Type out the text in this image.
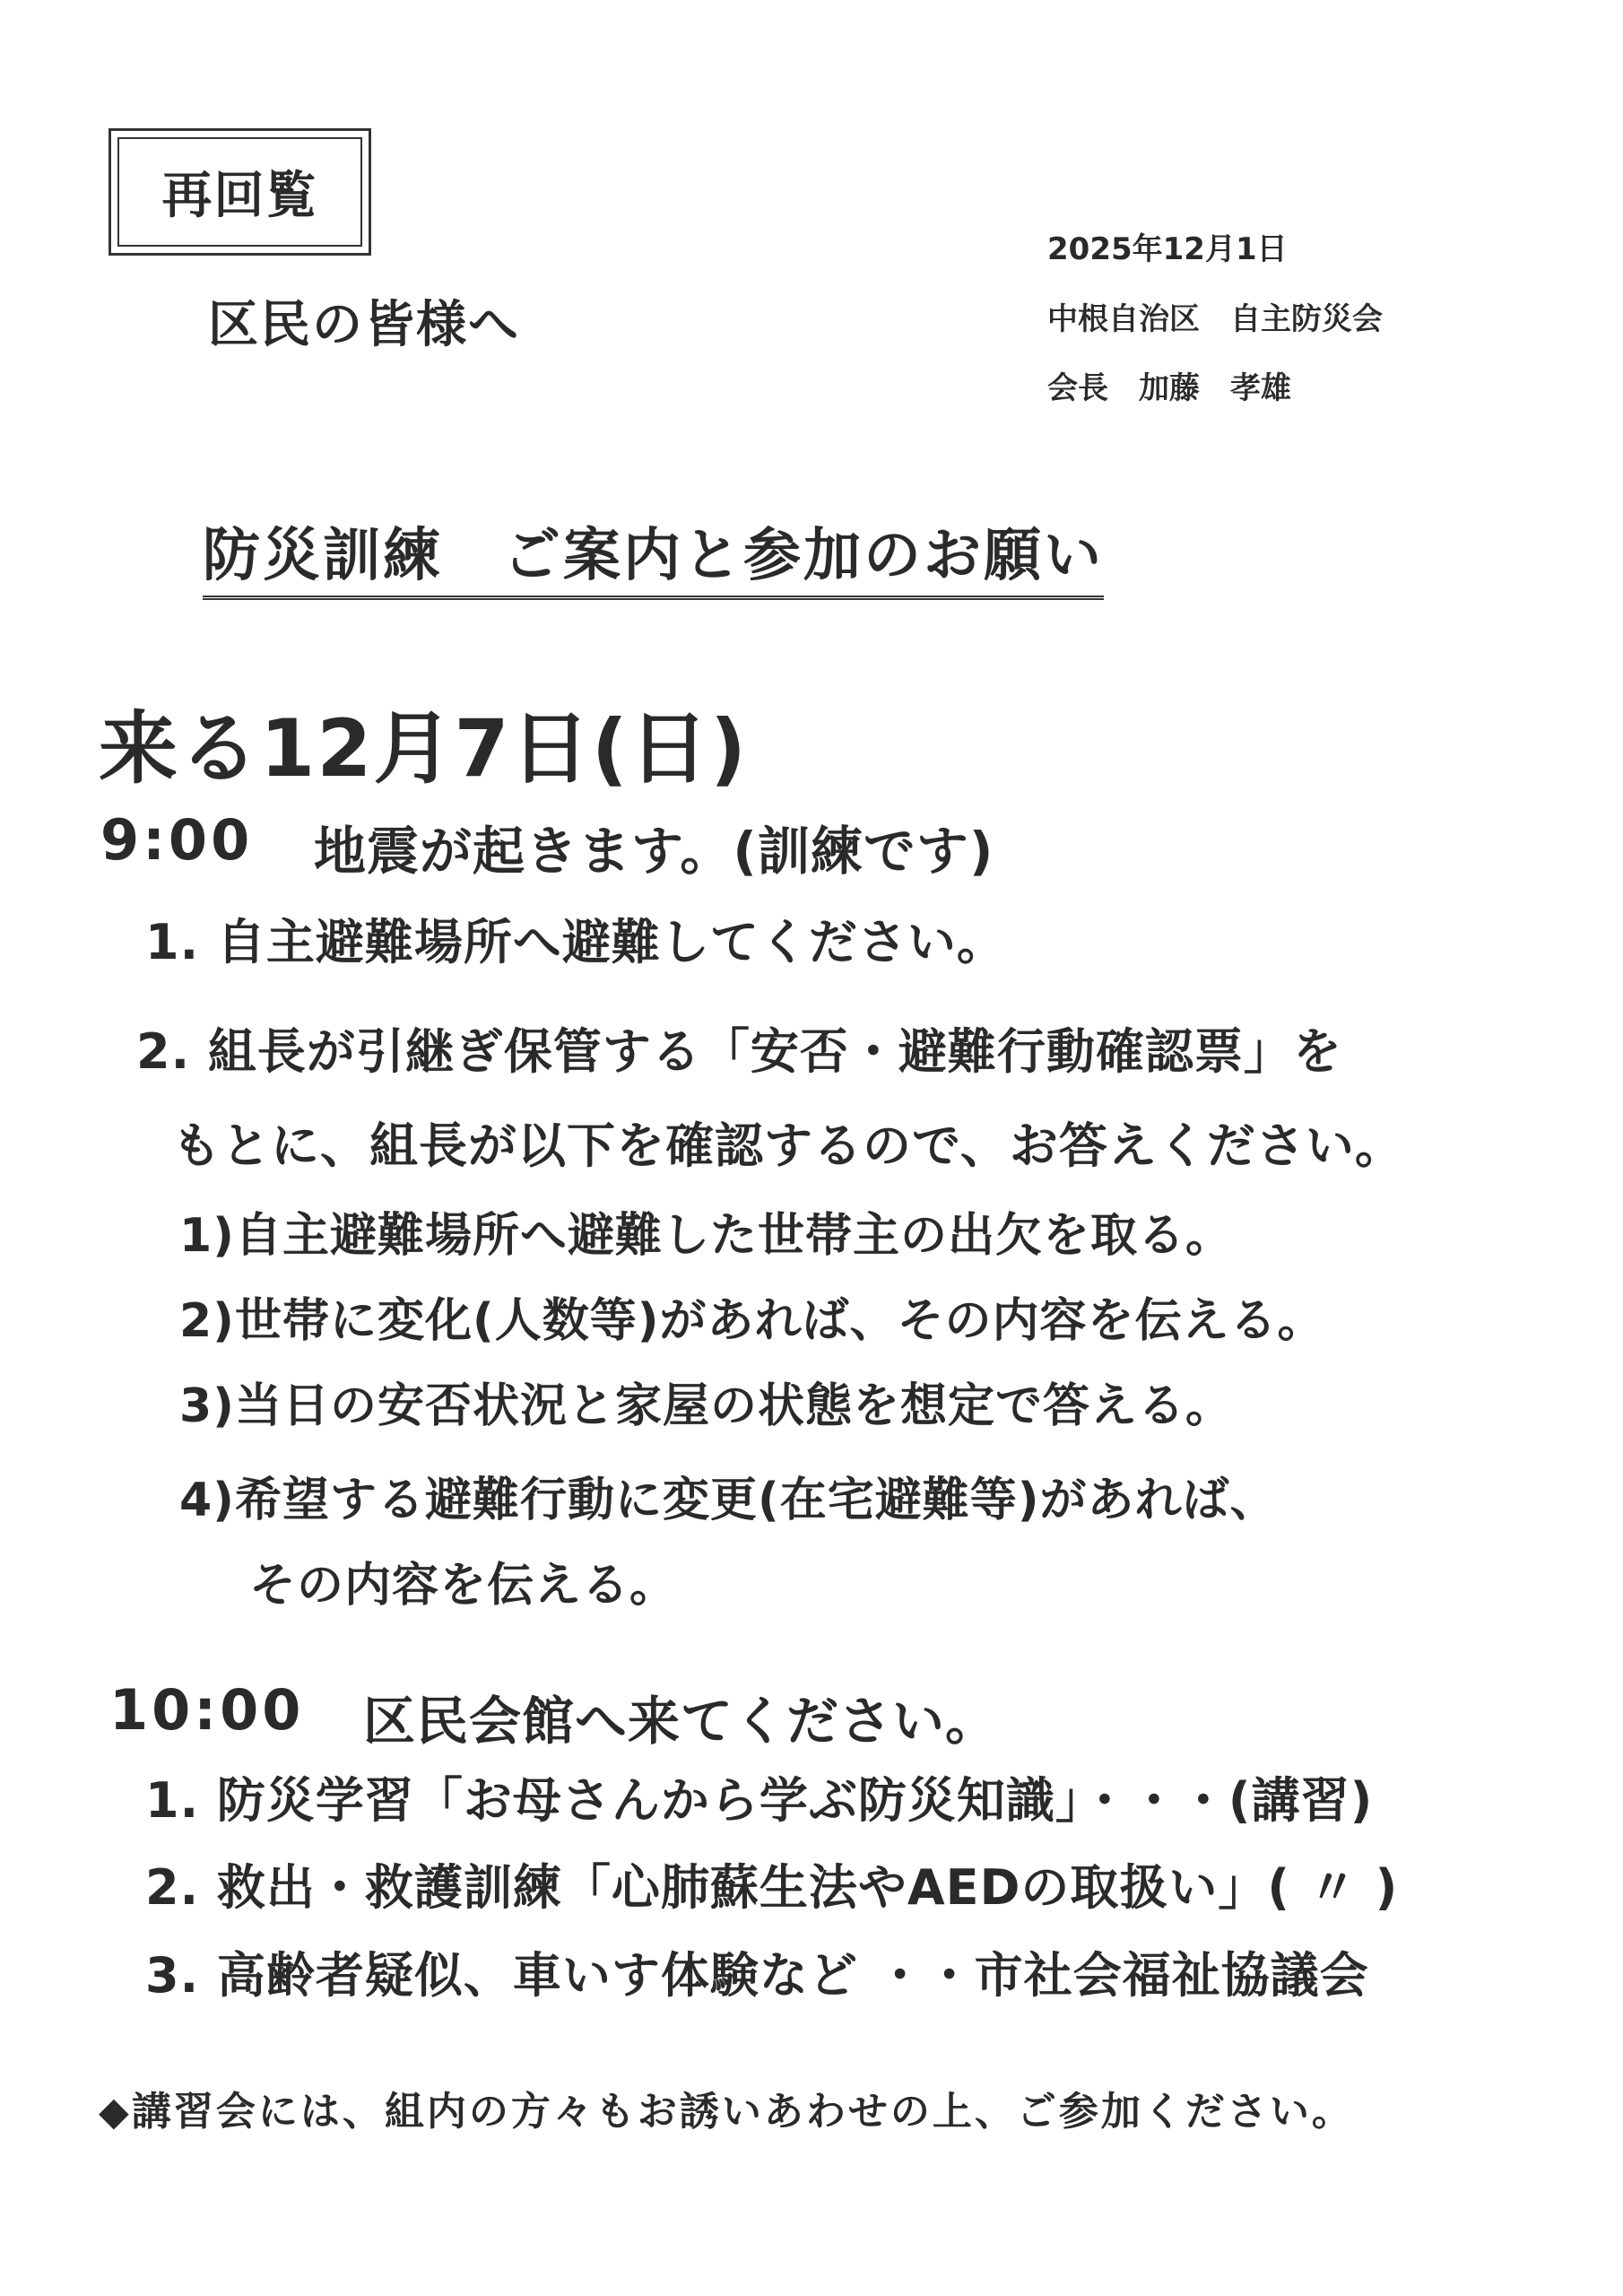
再回覧
区民の皆様へ
2025年12月1日
中根自治区　自主防災会
会長　加藤　孝雄
防災訓練　ご案内と参加のお願い
来る12月7日(日)
9:00 地震が起きます。(訓練です)
1. 自主避難場所へ避難してください。
2. 組長が引継ぎ保管する「安否・避難行動確認票」を
もとに、組長が以下を確認するので、お答えください。
1)自主避難場所へ避難した世帯主の出欠を取る。
2)世帯に変化(人数等)があれば、その内容を伝える。
3)当日の安否状況と家屋の状態を想定で答える。
4)希望する避難行動に変更(在宅避難等)があれば、
その内容を伝える。
10:00 区民会館へ来てください。
1. 防災学習「お母さんから学ぶ防災知識」・・・(講習)
2. 救出・救護訓練「心肺蘇生法やAEDの取扱い」( 〃 )
3. 高齢者疑似、車いす体験など ・・市社会福祉協議会
◆講習会には、組内の方々もお誘いあわせの上、ご参加ください。
